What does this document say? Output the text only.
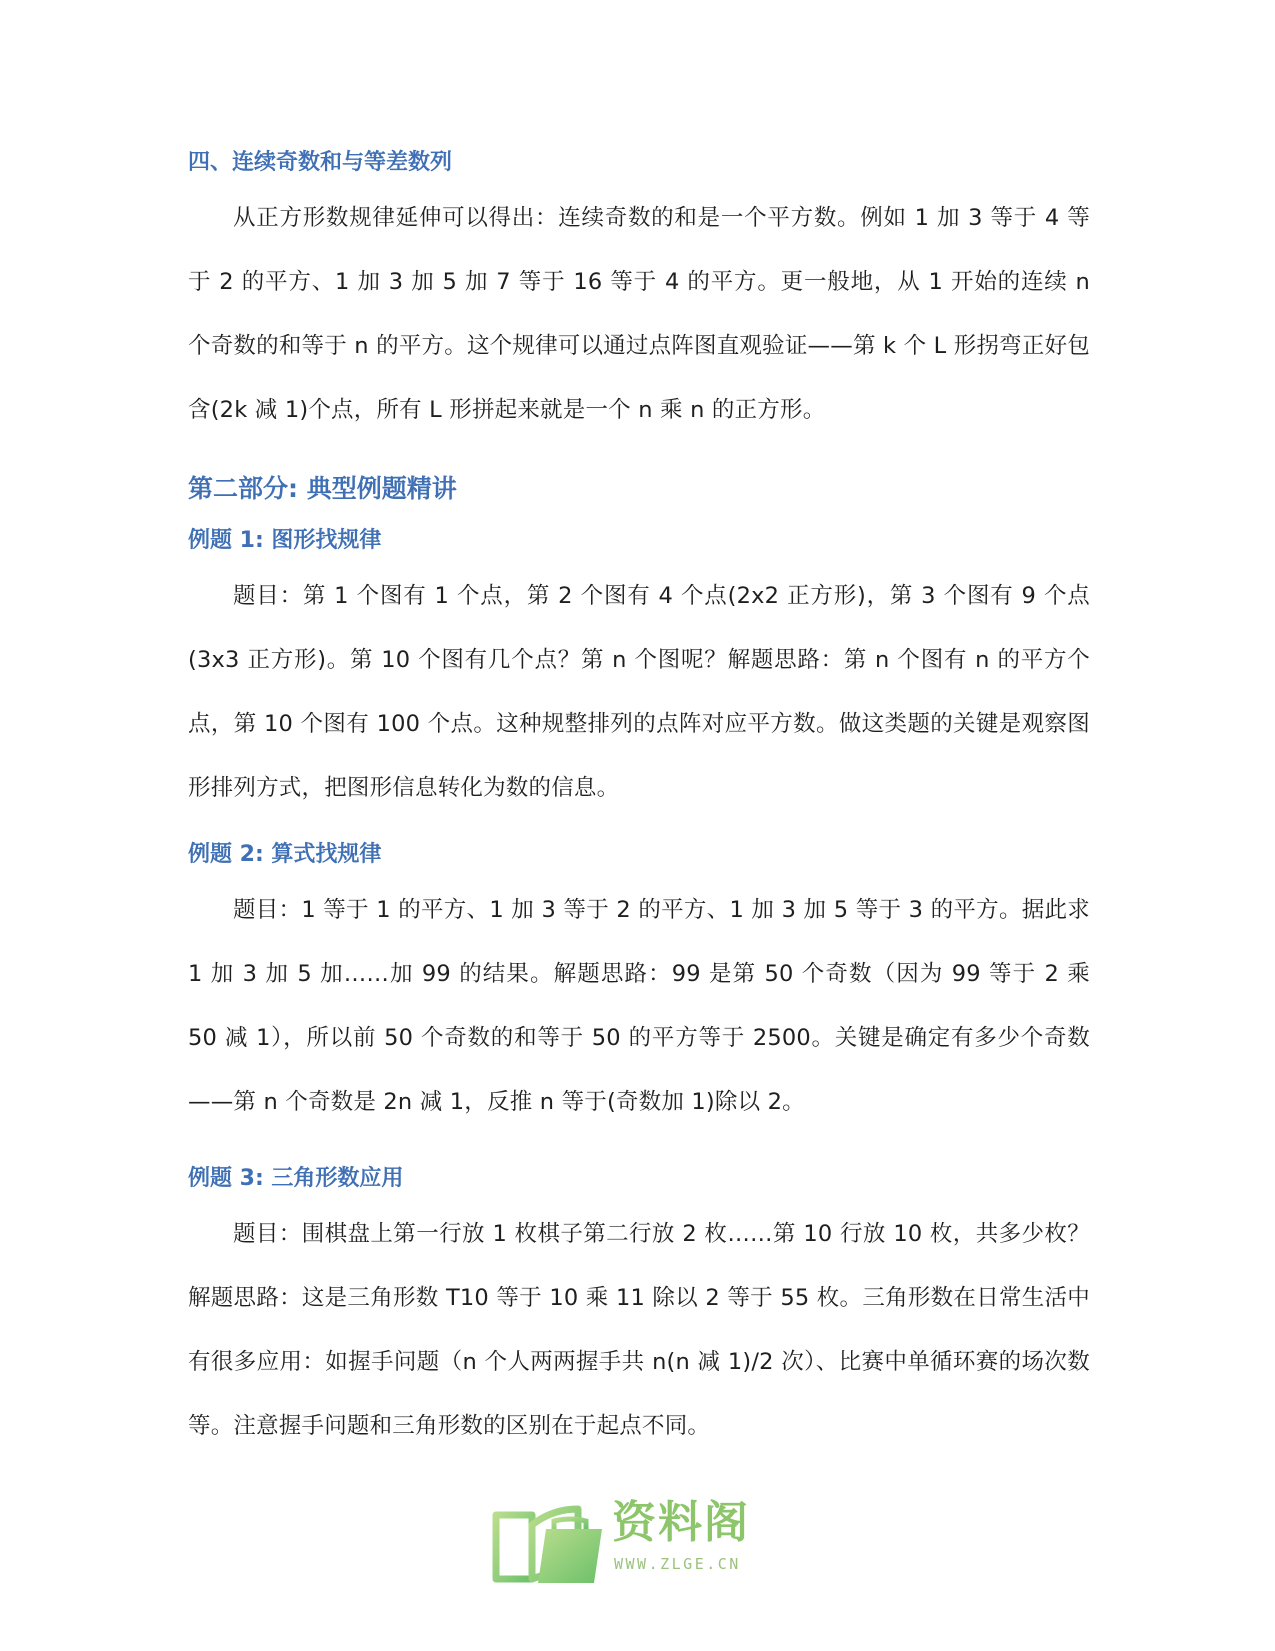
四、连续奇数和与等差数列

从正方形数规律延伸可以得出：连续奇数的和是一个平方数。例如 1 加 3 等于 4 等于 2 的平方、1 加 3 加 5 加 7 等于 16 等于 4 的平方。更一般地，从 1 开始的连续 n 个奇数的和等于 n 的平方。这个规律可以通过点阵图直观验证——第 k 个 L 形拐弯正好包含(2k 减 1)个点，所有 L 形拼起来就是一个 n 乘 n 的正方形。

第二部分: 典型例题精讲
例题 1: 图形找规律

题目：第 1 个图有 1 个点，第 2 个图有 4 个点(2x2 正方形)，第 3 个图有 9 个点(3x3 正方形)。第 10 个图有几个点？第 n 个图呢？解题思路：第 n 个图有 n 的平方个点，第 10 个图有 100 个点。这种规整排列的点阵对应平方数。做这类题的关键是观察图形排列方式，把图形信息转化为数的信息。

例题 2: 算式找规律

题目：1 等于 1 的平方、1 加 3 等于 2 的平方、1 加 3 加 5 等于 3 的平方。据此求 1 加 3 加 5 加……加 99 的结果。解题思路：99 是第 50 个奇数（因为 99 等于 2 乘 50 减 1），所以前 50 个奇数的和等于 50 的平方等于 2500。关键是确定有多少个奇数——第 n 个奇数是 2n 减 1，反推 n 等于(奇数加 1)除以 2。

例题 3: 三角形数应用

题目：围棋盘上第一行放 1 枚棋子第二行放 2 枚……第 10 行放 10 枚，共多少枚？解题思路：这是三角形数 T10 等于 10 乘 11 除以 2 等于 55 枚。三角形数在日常生活中有很多应用：如握手问题（n 个人两两握手共 n(n 减 1)/2 次）、比赛中单循环赛的场次数等。注意握手问题和三角形数的区别在于起点不同。

资料阁
WWW.ZLGE.CN
